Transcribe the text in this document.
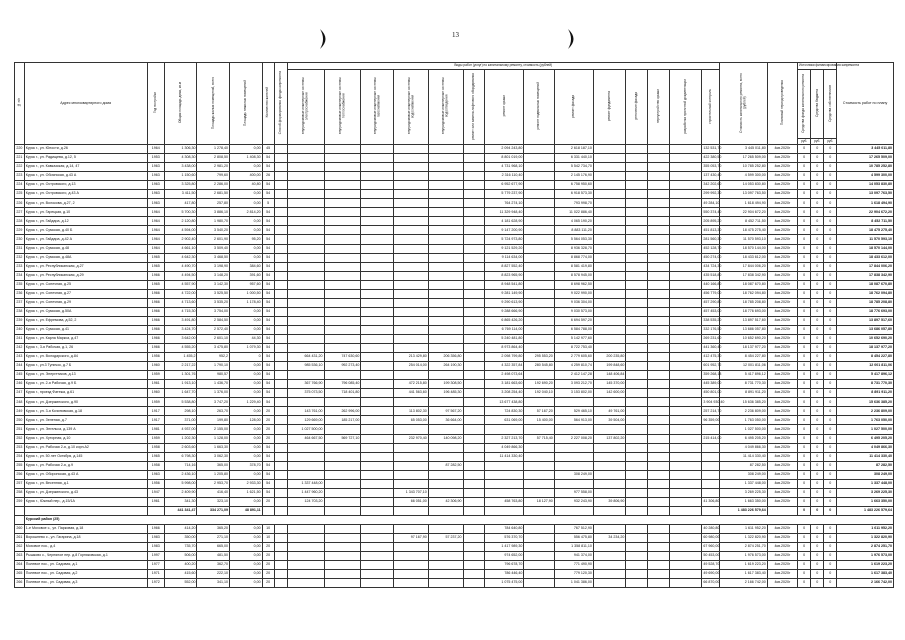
13
№ п/п	Адрес многоквартирного дома	Год постройки	Общая площадь дома, кв.м	Площадь жилых помещений, всего	Площадь нежилых помещений	Количество жителей	Способ формирования фонда капремонта	Виды работ (услуг) по капитальному ремонту, стоимость (рублей)														Стоимость капитального ремонта, всего (рублей)	Плановый период проведения	Источники финансирования капремонта			Стоимость работ по плану
								внутридомовые инженерные системы электроснабжения	внутридомовые инженерные системы теплоснабжения	внутридомовые инженерные системы газоснабжения	внутридомовые инженерные системы водоснабжения	внутридомовые инженерные системы водоотведения	ремонт или замена лифтового оборудования	ремонт крыши	ремонт подвальных помещений	ремонт фасада	ремонт фундамента	утепление фасада	переустройство крыши	разработка проектной документации	строительный контроль			Средства фонда капитального ремонта	Средства бюджета	Средства собственников	
																								руб.	руб.	руб.	
220	Курск г., ул. Юности, д.26	1964	1 306,30	1 278,40	0,00	45								2 094 243,80		2 618 187,10					132 531,70	3 445 011,80	4кв.2020г	0	0	0	3 445 011,80
221	Курск г., ул. Радищева, д.12, 5	1953	4 308,30	2 808,50	1 408,30	54								8 801 019,00		6 331 440,10					422 380,50	17 265 509,00	4кв.2020г	0	0	0	17 265 509,00
222	Курск г., ул. Кавказская, д.14, 47	1963	3 438,00	2 981,20	0,00	54								4 731 968,10		5 542 734,70					355 053,70	10 785 252,80	4кв.2020г	0	0	0	10 785 252,80
223	Курск г., ул. Обоянская, д.43 А	1963	1 150,60	799,60	400,00	26								2 316 110,40		2 145 176,90					137 430,40	4 599 300,00	4кв.2020г	0	0	0	4 599 300,00
224	Курск г., ул. Островского, д.13	1963	3 325,80	2 286,00	40,80	54								6 952 677,90		6 758 950,60					342 202,60	14 053 830,80	4кв.2020г	0	0	0	14 053 830,80
225	Курск г., ул. Островского, д.43 А	1963	3 411,50	2 681,50	0,00	54								5 779 237,90		6 918 573,30					299 992,30	13 097 763,50	4кв.2020г	0	0	0	13 097 763,50
226	Курск г., ул. Волокова, д.27, 2	1963	417,80	257,80	0,00	5								764 274,10		793 998,70					49 284,10	1 618 494,90	4кв.2020г	0	0	0	1 618 494,90
227	Курск г., ул. Гарецкая, д.10	1964	5 700,30	3 886,10	2 814,20	54								11 329 948,40		11 022 886,40					550 374,40	22 904 672,20	4кв.2020г	0	0	0	22 904 672,20
228	Курск г., ул. Гайдара, д.12	1964	2 120,80	1 980,70	0,00	54								4 181 628,90		4 065 190,20					205 895,20	8 452 711,50	4кв.2020г	0	0	0	8 452 711,50
229	Курск г., ул. Сумская, д.40 Б	1964	4 594,00	3 540,20	0,00	54								9 147 200,90		8 883 111,20					451 813,30	18 475 275,40	4кв.2020г	0	0	0	18 475 275,40
230	Курск г., ул. Гайдара, д.42 А	1964	2 902,40	2 601,90	95,20	54								5 724 973,80		5 564 053,30					281 560,30	11 570 593,10	4кв.2020г	0	0	0	11 570 593,10
231	Курск г., ул. Сумская, д.48	1964	4 661,10	3 509,40	0,00	54								9 121 529,20		8 936 328,70					452 128,70	18 570 144,00	4кв.2020г	0	0	0	18 570 144,00
232	Курск г., ул. Сумская, д.48А	1965	4 642,30	3 468,50	0,00	54								9 114 634,00		8 868 774,00					450 274,00	18 433 612,00	4кв.2020г	0	0	0	18 433 612,00
233	Курск г., ул. Республиканская, д.27	1965	4 490,70	3 198,90	384,60	54								8 827 552,40		8 581 419,80					434 724,30	17 844 006,20	4кв.2020г	0	0	0	17 844 006,20
234	Курск г., ул. Республиканская, д.29	1966	4 494,50	3 148,20	391,60	54								8 823 965,90		8 578 945,00					435 518,80	17 838 342,90	4кв.2020г	0	0	0	17 838 342,90
235	Курск г., ул. Сонечная, д.25	1965	4 557,90	3 142,30	957,60	54								8 948 541,80		8 698 962,50					440 166,80	18 087 670,80	4кв.2020г	0	0	0	18 087 670,80
236	Курск г., ул. Сонечная, д.27	1966	4 722,00	3 525,50	1 000,50	54								9 281 149,90		9 022 990,00					456 779,00	18 762 094,80	4кв.2020г	0	0	0	18 762 094,80
237	Курск г., ул. Сонечная, д.29	1966	4 713,60	3 535,20	1 178,40	54								9 290 613,90		9 036 304,00					457 290,80	18 785 208,80	4кв.2020г	0	0	0	18 785 208,80
238	Курск г., ул. Сумская, д.50А	1966	4 715,30	3 754,00	0,00	54								9 288 666,90		9 030 573,00					457 453,00	18 776 693,00	4кв.2020г	0	0	0	18 776 693,00
239	Курск г., ул. Ефремова, д.52, 2	1966	3 491,80	2 584,50	0,00	54								6 865 426,20		6 694 597,20					338 535,20	13 897 517,60	4кв.2020г	0	0	0	13 897 517,60
240	Курск г., ул. Сумская, д.41	1966	3 424,70	2 572,40	0,00	54								6 769 114,00		6 584 788,00					332 176,50	13 686 057,80	4кв.2020г	0	0	0	13 686 057,80
241	Курск г., ул. Карла Маркса, д.47	1966	3 642,00	2 601,10	44,30	54								5 240 481,80		5 142 977,60					269 231,60	10 652 690,20	4кв.2020г	0	0	0	10 652 690,20
242	Курск г., 3-я Рабочая, д.1, 26	1966	4 555,20	3 475,80	1 079,30	54								8 973 864,40		8 722 753,40					441 360,40	18 137 977,20	4кв.2020г	0	0	0	18 137 977,20
243	Курск г., ул. Володарского, д.84	1956	1 455,2	952,2	0	54		664 431,20	747 630,60		213 429,80	206 356,80		2 098 799,80	295 553,20	2 779 605,60	200 235,80				412 475,30	8 454 227,80	4кв.2020г	0	0	0	8 454 227,80
244	Курск г., ул.3 Тупичок, д.7 Б	1960	2 217,22	1 790,10	0,00	54		985 536,10	992 273,40		254 014,00	264 190,30		4 322 357,84	280 545,80	4 259 810,74	199 848,60				601 952,72	12 001 811,06	4кв.2020г	0	0	0	12 001 811,06
245	Курск г., ул. Энергетиков, д.13	1959	1 301,76	980,57	0,00	54								2 498 073,64		2 412 147,28	148 406,84				359 268,18	5 417 896,12	4кв.2020г	0	0	0	5 417 896,12
246	Курск г., ул. 2-я Рабочая, д.9 Б	1961	1 913,10	1 436,70	0,00	54		367 766,90	796 085,40		472 215,80	199 308,50		3 181 663,60	192 690,20	3 093 212,70	145 370,00				445 389,00	8 731 770,30	4кв.2020г	0	0	0	8 731 770,30
247	Курск г., проезд Фатежа, д.61	1960	1 647,70	1 376,00	0,00	54		375 073,50	718 401,80		441 563,60	196 485,30		3 208 254,40	192 040,10	3 153 802,00	142 600,00				450 801,00	8 891 911,20	4кв.2020г	0	0	0	8 891 911,20
248	Курск г., ул. Дзержинского, д.90	1959	5 538,80	3 747,20	1 229,40	54								13 677 438,80							3 904 930,40	15 636 385,20	4кв.2020г	0	0	0	15 636 385,20
249	Курск г., ул. 3-я Кочиновская, д.18	1917	298,10	263,70	0,00	20		143 761,00	262 996,00		113 802,30	97 567,20		724 830,30	57 167,20	529 465,10	49 761,00				257 214,70	2 236 809,00	4кв.2020г	0	0	0	2 236 809,00
250	Курск г., ул. Зеленая, д.7	1917	371,00	199,80	128,00	20		129 669,00	185 217,00		65 053,00	36 664,00		631 069,00	15 400,00	564 913,00	39 504,00				96 359,00	1 763 050,00	4кв.2020г	0	0	0	1 763 050,00
251	Курск г., ул. Энгельса, д.139 А	1981	4 937,00	2 155,00	0,00	20		1 027 500,00														1 027 500,00	4кв.2020г	0	0	0	1 027 500,00
252	Курск г., ул. Хуторная, д.10	1959	1 202,30	1 128,00	0,00	20		464 667,50	569 727,10		232 970,40	140 098,20		2 327 213,70	57 715,40	2 227 008,20	137 802,20				215 414,00	6 495 205,20	4кв.2020г	0	0	0	6 495 205,20
253	Курск г., ул. Рабочая 2-я, д.10 корп.А2	1958	2 603,60	1 663,30	0,00	54								4 049 866,30								4 049 866,30	4кв.2020г	0	0	0	4 049 866,30
254	Курск г., ул. 50 лет Октября, д.145	1965	6 798,30	3 062,30	0,00	54								11 414 330,40								11 414 330,40	4кв.2020г	0	0	0	11 414 330,40
255	Курск г., ул. Рабочая 2-я, д.9	1958	714,16	365,00	378,70	54						87 282,50										87 282,50	4кв.2020г	0	0	0	87 282,50
256	Курск г., ул. Оборонская, д.43 А	1963	2 436,10	1 205,80	0,00	54										308 249,00						308 249,00	4кв.2020г	0	0	0	308 249,00
257	Курск г., ул. Весенняя, д.1	1956	5 998,00	2 953,70	2 933,30	54		1 337 448,00														1 337 448,00	4кв.2020г	0	0	0	1 337 448,00
258	Курск г., ул. Дзержинского, д.43	1947	2 409,90	416,40	1 621,50	54		1 447 960,20			1 343 707,10					977 558,00						3 269 225,30	4кв.2020г	0	0	0	3 269 225,30
259	Курск г., Южный пер., д.15/1А	1961	341,30	323,10	0,00	20		124 703,20			66 051,00	42 306,90		458 763,80	18 127,90	932 243,90	39 806,90				41 306,80	1 663 350,00	4кв.2020г	0	0	0	1 663 350,00
			441 341,47	334 271,09	48 891,11																	1 483 226 579,64		0	0	0	1 483 226 579,64
	Курский район (25)																										
260	1-е Моховое с., ул. Парковая, д.18	1966	414,20	365,20	0,00	10								784 640,80		767 512,90					40 280,80	1 611 952,20	4кв.2020г	0	0	0	1 611 952,20
261	Ворошнево с., ул. Гагарина, д.18	1983	350,00	271,10	0,00	10					97 167,90	57 237,20		576 370,70		556 475,80	34 234,20				60 980,00	1 322 820,90	4кв.2020г	0	0	0	1 322 820,90
262	Моховое пос., д.4	1983	735,70	665,00	0,00	20								1 417 989,30		1 358 811,10					67 960,00	2 874 251,70	4кв.2020г	0	0	0	2 874 251,70
263	Рышково с., Черняное пер. д.8 Горняковская, д.1	1997	506,00	481,50	0,00	20								974 652,00		941 374,00					50 453,00	1 976 573,00	4кв.2020г	0	0	0	1 976 573,00
264	Полевое пос., ул. Садовая, д.1	1977	400,20	362,70	0,00	20								796 678,70		771 490,90					49 528,70	1 619 223,20	4кв.2020г	0	0	0	1 619 223,20
265	Полевое пос., ул. Садовая, д.2	1971	415,60	222,10	0,00	20								786 446,40		779 120,30					49 690,00	1 617 383,40	4кв.2020г	0	0	0	1 617 383,40
266	Полевое пос., ул. Садовая, д.3	1972	552,00	341,10	0,00	20								1 075 475,00		1 041 386,00					66 870,00	2 166 742,00	4кв.2020г	0	0	0	2 166 742,00
